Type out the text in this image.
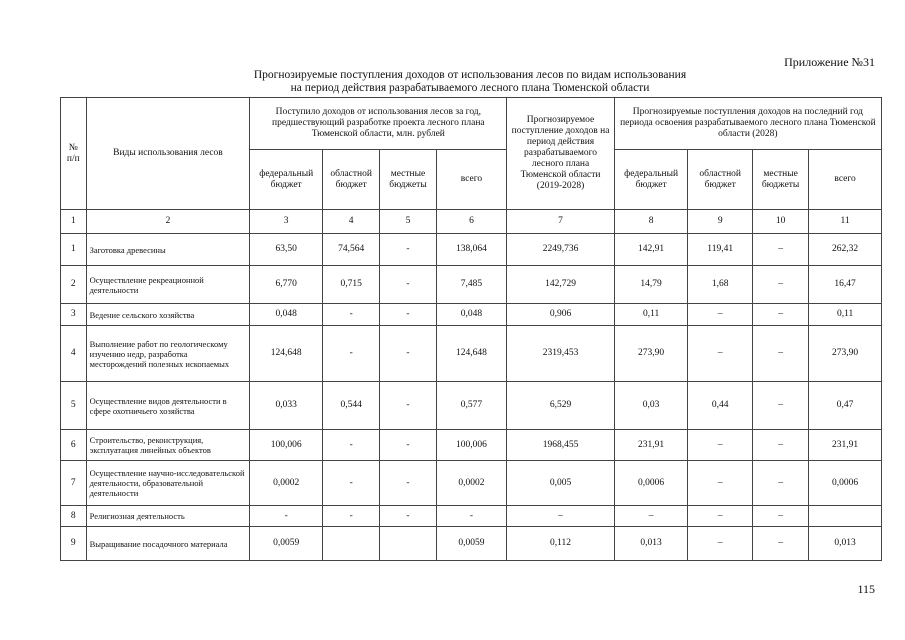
Приложение №31
Прогнозируемые поступления доходов от использования лесов по видам использования
на период действия разрабатываемого лесного плана Тюменской области
№ п/п	Виды использования лесов	Поступило доходов от использования лесов за год, предшествующий разработке проекта лесного плана Тюменской области, млн. рублей				Прогнозируемое поступление доходов на период действия разрабатываемого лесного плана Тюменской области (2019-2028)	Прогнозируемые поступления доходов на последний год периода освоения разрабатываемого лесного плана Тюменской области (2028)			
		федеральный бюджет	областной бюджет	местные бюджеты	всего		федеральный бюджет	областной бюджет	местные бюджеты	всего
1	2	3	4	5	6	7	8	9	10	11
1	Заготовка древесины	63,50	74,564	-	138,064	2249,736	142,91	119,41	–	262,32
2	Осуществление рекреационной деятельности	6,770	0,715	-	7,485	142,729	14,79	1,68	–	16,47
3	Ведение сельского хозяйства	0,048	-	-	0,048	0,906	0,11	–	–	0,11
4	Выполнение работ по геологическому изучению недр, разработка месторождений полезных ископаемых	124,648	-	-	124,648	2319,453	273,90	–	–	273,90
5	Осуществление видов деятельности в сфере охотничьего хозяйства	0,033	0,544	-	0,577	6,529	0,03	0,44	–	0,47
6	Строительство, реконструкция, эксплуатация линейных объектов	100,006	-	-	100,006	1968,455	231,91	–	–	231,91
7	Осуществление научно-исследовательской деятельности, образовательной деятельности	0,0002	-	-	0,0002	0,005	0,0006	–	–	0,0006
8	Религиозная деятельность	-	-	-	-	–	–	–	–	
9	Выращивание посадочного материала	0,0059			0,0059	0,112	0,013	–	–	0,013
115
